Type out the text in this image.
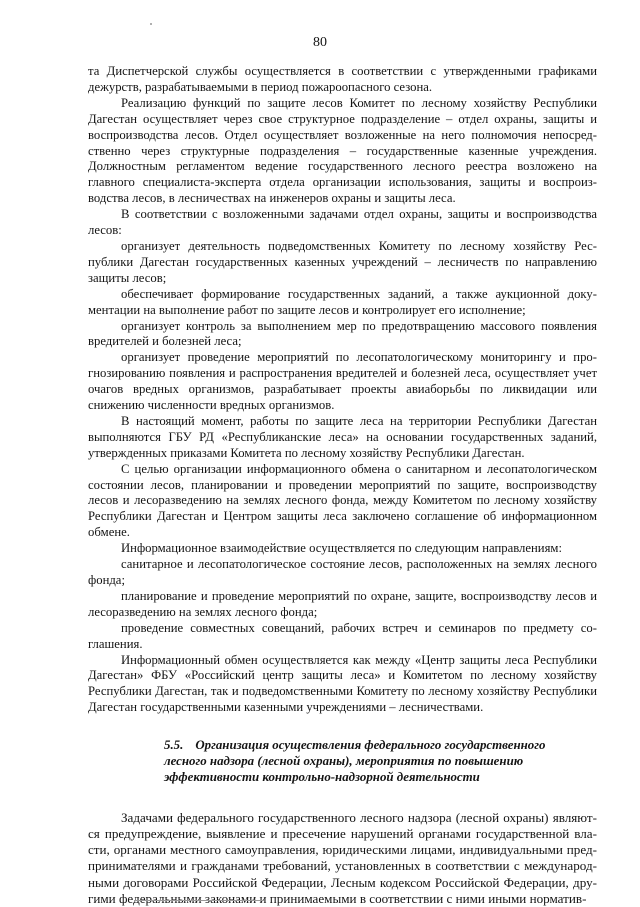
80

та Диспетчерской службы осуществляется в соответствии с утвержденными графиками дежурств, разрабатываемыми в период пожароопасного сезона.

Реализацию функций по защите лесов Комитет по лесному хозяйству Республики Дагестан осуществляет через свое структурное подразделение – отдел охраны, защиты и воспроизводства лесов. Отдел осуществляет возложенные на него полномочия непосредственно через структурные подразделения – государственные казенные учреждения. Должностным регламентом ведение государственного лесного реестра возложено на главного специалиста-эксперта отдела организации использования, защиты и воспроизводства лесов, в лесничествах на инженеров охраны и защиты леса.

В соответствии с возложенными задачами отдел охраны, защиты и воспроизводства лесов:

организует деятельность подведомственных Комитету по лесному хозяйству Республики Дагестан государственных казенных учреждений – лесничеств по направлению защиты лесов;

обеспечивает формирование государственных заданий, а также аукционной документации на выполнение работ по защите лесов и контролирует его исполнение;

организует контроль за выполнением мер по предотвращению массового появления вредителей и болезней леса;

организует проведение мероприятий по лесопатологическому мониторингу и прогнозированию появления и распространения вредителей и болезней леса, осуществляет учет очагов вредных организмов, разрабатывает проекты авиаборьбы по ликвидации или снижению численности вредных организмов.

В настоящий момент, работы по защите леса на территории Республики Дагестан выполняются ГБУ РД «Республиканские леса» на основании государственных заданий, утвержденных приказами Комитета по лесному хозяйству Республики Дагестан.

С целью организации информационного обмена о санитарном и лесопатологическом состоянии лесов, планировании и проведении мероприятий по защите, воспроизводству лесов и лесоразведению на землях лесного фонда, между Комитетом по лесному хозяйству Республики Дагестан и Центром защиты леса заключено соглашение об информационном обмене.

Информационное взаимодействие осуществляется по следующим направлениям:

санитарное и лесопатологическое состояние лесов, расположенных на землях лесного фонда;

планирование и проведение мероприятий по охране, защите, воспроизводству лесов и лесоразведению на землях лесного фонда;

проведение совместных совещаний, рабочих встреч и семинаров по предмету соглашения.

Информационный обмен осуществляется как между «Центр защиты леса Республики Дагестан» ФБУ «Российский центр защиты леса» и Комитетом по лесному хозяйству Республики Дагестан, так и подведомственными Комитету по лесному хозяйству Республики Дагестан государственными казенными учреждениями – лесничествами.

5.5. Организация осуществления федерального государственного
лесного надзора (лесной охраны), мероприятия по повышению
эффективности контрольно-надзорной деятельности

Задачами федерального государственного лесного надзора (лесной охраны) являются предупреждение, выявление и пресечение нарушений органами государственной власти, органами местного самоуправления, юридическими лицами, индивидуальными предпринимателями и гражданами требований, установленных в соответствии с международными договорами Российской Федерации, Лесным кодексом Российской Федерации, другими федеральными законами и принимаемыми в соответствии с ними иными норматив-
